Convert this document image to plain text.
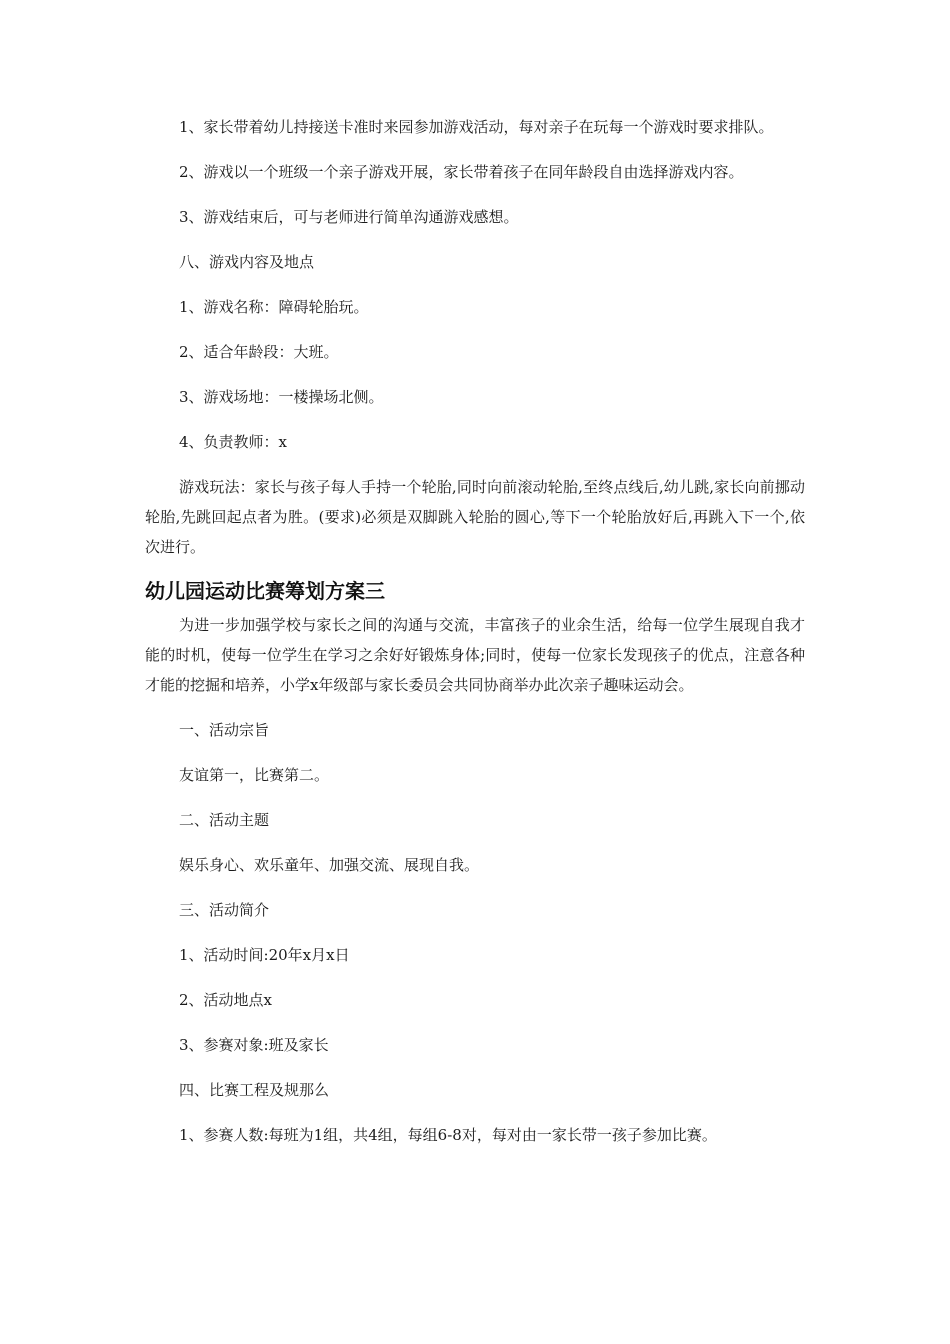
1、家长带着幼儿持接送卡准时来园参加游戏活动，每对亲子在玩每一个游戏时要求排队。

2、游戏以一个班级一个亲子游戏开展，家长带着孩子在同年龄段自由选择游戏内容。

3、游戏结束后，可与老师进行简单沟通游戏感想。

八、游戏内容及地点

1、游戏名称：障碍轮胎玩。

2、适合年龄段：大班。

3、游戏场地：一楼操场北侧。

4、负责教师：x

游戏玩法：家长与孩子每人手持一个轮胎,同时向前滚动轮胎,至终点线后,幼儿跳,家长向前挪动轮胎,先跳回起点者为胜。(要求)必须是双脚跳入轮胎的圆心,等下一个轮胎放好后,再跳入下一个,依次进行。

幼儿园运动比赛筹划方案三

为进一步加强学校与家长之间的沟通与交流，丰富孩子的业余生活，给每一位学生展现自我才能的时机，使每一位学生在学习之余好好锻炼身体;同时，使每一位家长发现孩子的优点，注意各种才能的挖掘和培养，小学x年级部与家长委员会共同协商举办此次亲子趣味运动会。

一、活动宗旨

友谊第一，比赛第二。

二、活动主题

娱乐身心、欢乐童年、加强交流、展现自我。

三、活动简介

1、活动时间:20年x月x日

2、活动地点x

3、参赛对象:班及家长

四、比赛工程及规那么

1、参赛人数:每班为1组，共4组，每组6-8对，每对由一家长带一孩子参加比赛。
